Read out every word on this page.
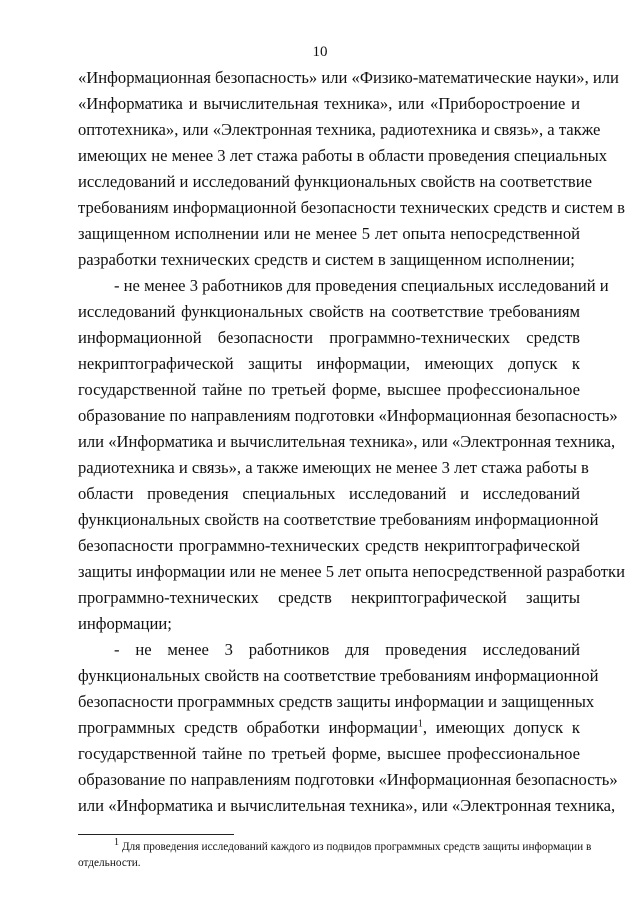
10
«Информационная безопасность» или «Физико-математические науки», или
«Информатика и вычислительная техника», или «Приборостроение и
оптотехника», или «Электронная техника, радиотехника и связь», а также
имеющих не менее 3 лет стажа работы в области проведения специальных
исследований и исследований функциональных свойств на соответствие
требованиям информационной безопасности технических средств и систем в
защищенном исполнении или не менее 5 лет опыта непосредственной
разработки технических средств и систем в защищенном исполнении;
- не менее 3 работников для проведения специальных исследований и
исследований функциональных свойств на соответствие требованиям
информационной безопасности программно-технических средств
некриптографической защиты информации, имеющих допуск к
государственной тайне по третьей форме, высшее профессиональное
образование по направлениям подготовки «Информационная безопасность»
или «Информатика и вычислительная техника», или «Электронная техника,
радиотехника и связь», а также имеющих не менее 3 лет стажа работы в
области проведения специальных исследований и исследований
функциональных свойств на соответствие требованиям информационной
безопасности программно-технических средств некриптографической
защиты информации или не менее 5 лет опыта непосредственной разработки
программно-технических средств некриптографической защиты
информации;
- не менее 3 работников для проведения исследований
функциональных свойств на соответствие требованиям информационной
безопасности программных средств защиты информации и защищенных
программных средств обработки информации$^1$, имеющих допуск к
государственной тайне по третьей форме, высшее профессиональное
образование по направлениям подготовки «Информационная безопасность»
или «Информатика и вычислительная техника», или «Электронная техника,
$^1$ Для проведения исследований каждого из подвидов программных средств защиты информации в
отдельности.
